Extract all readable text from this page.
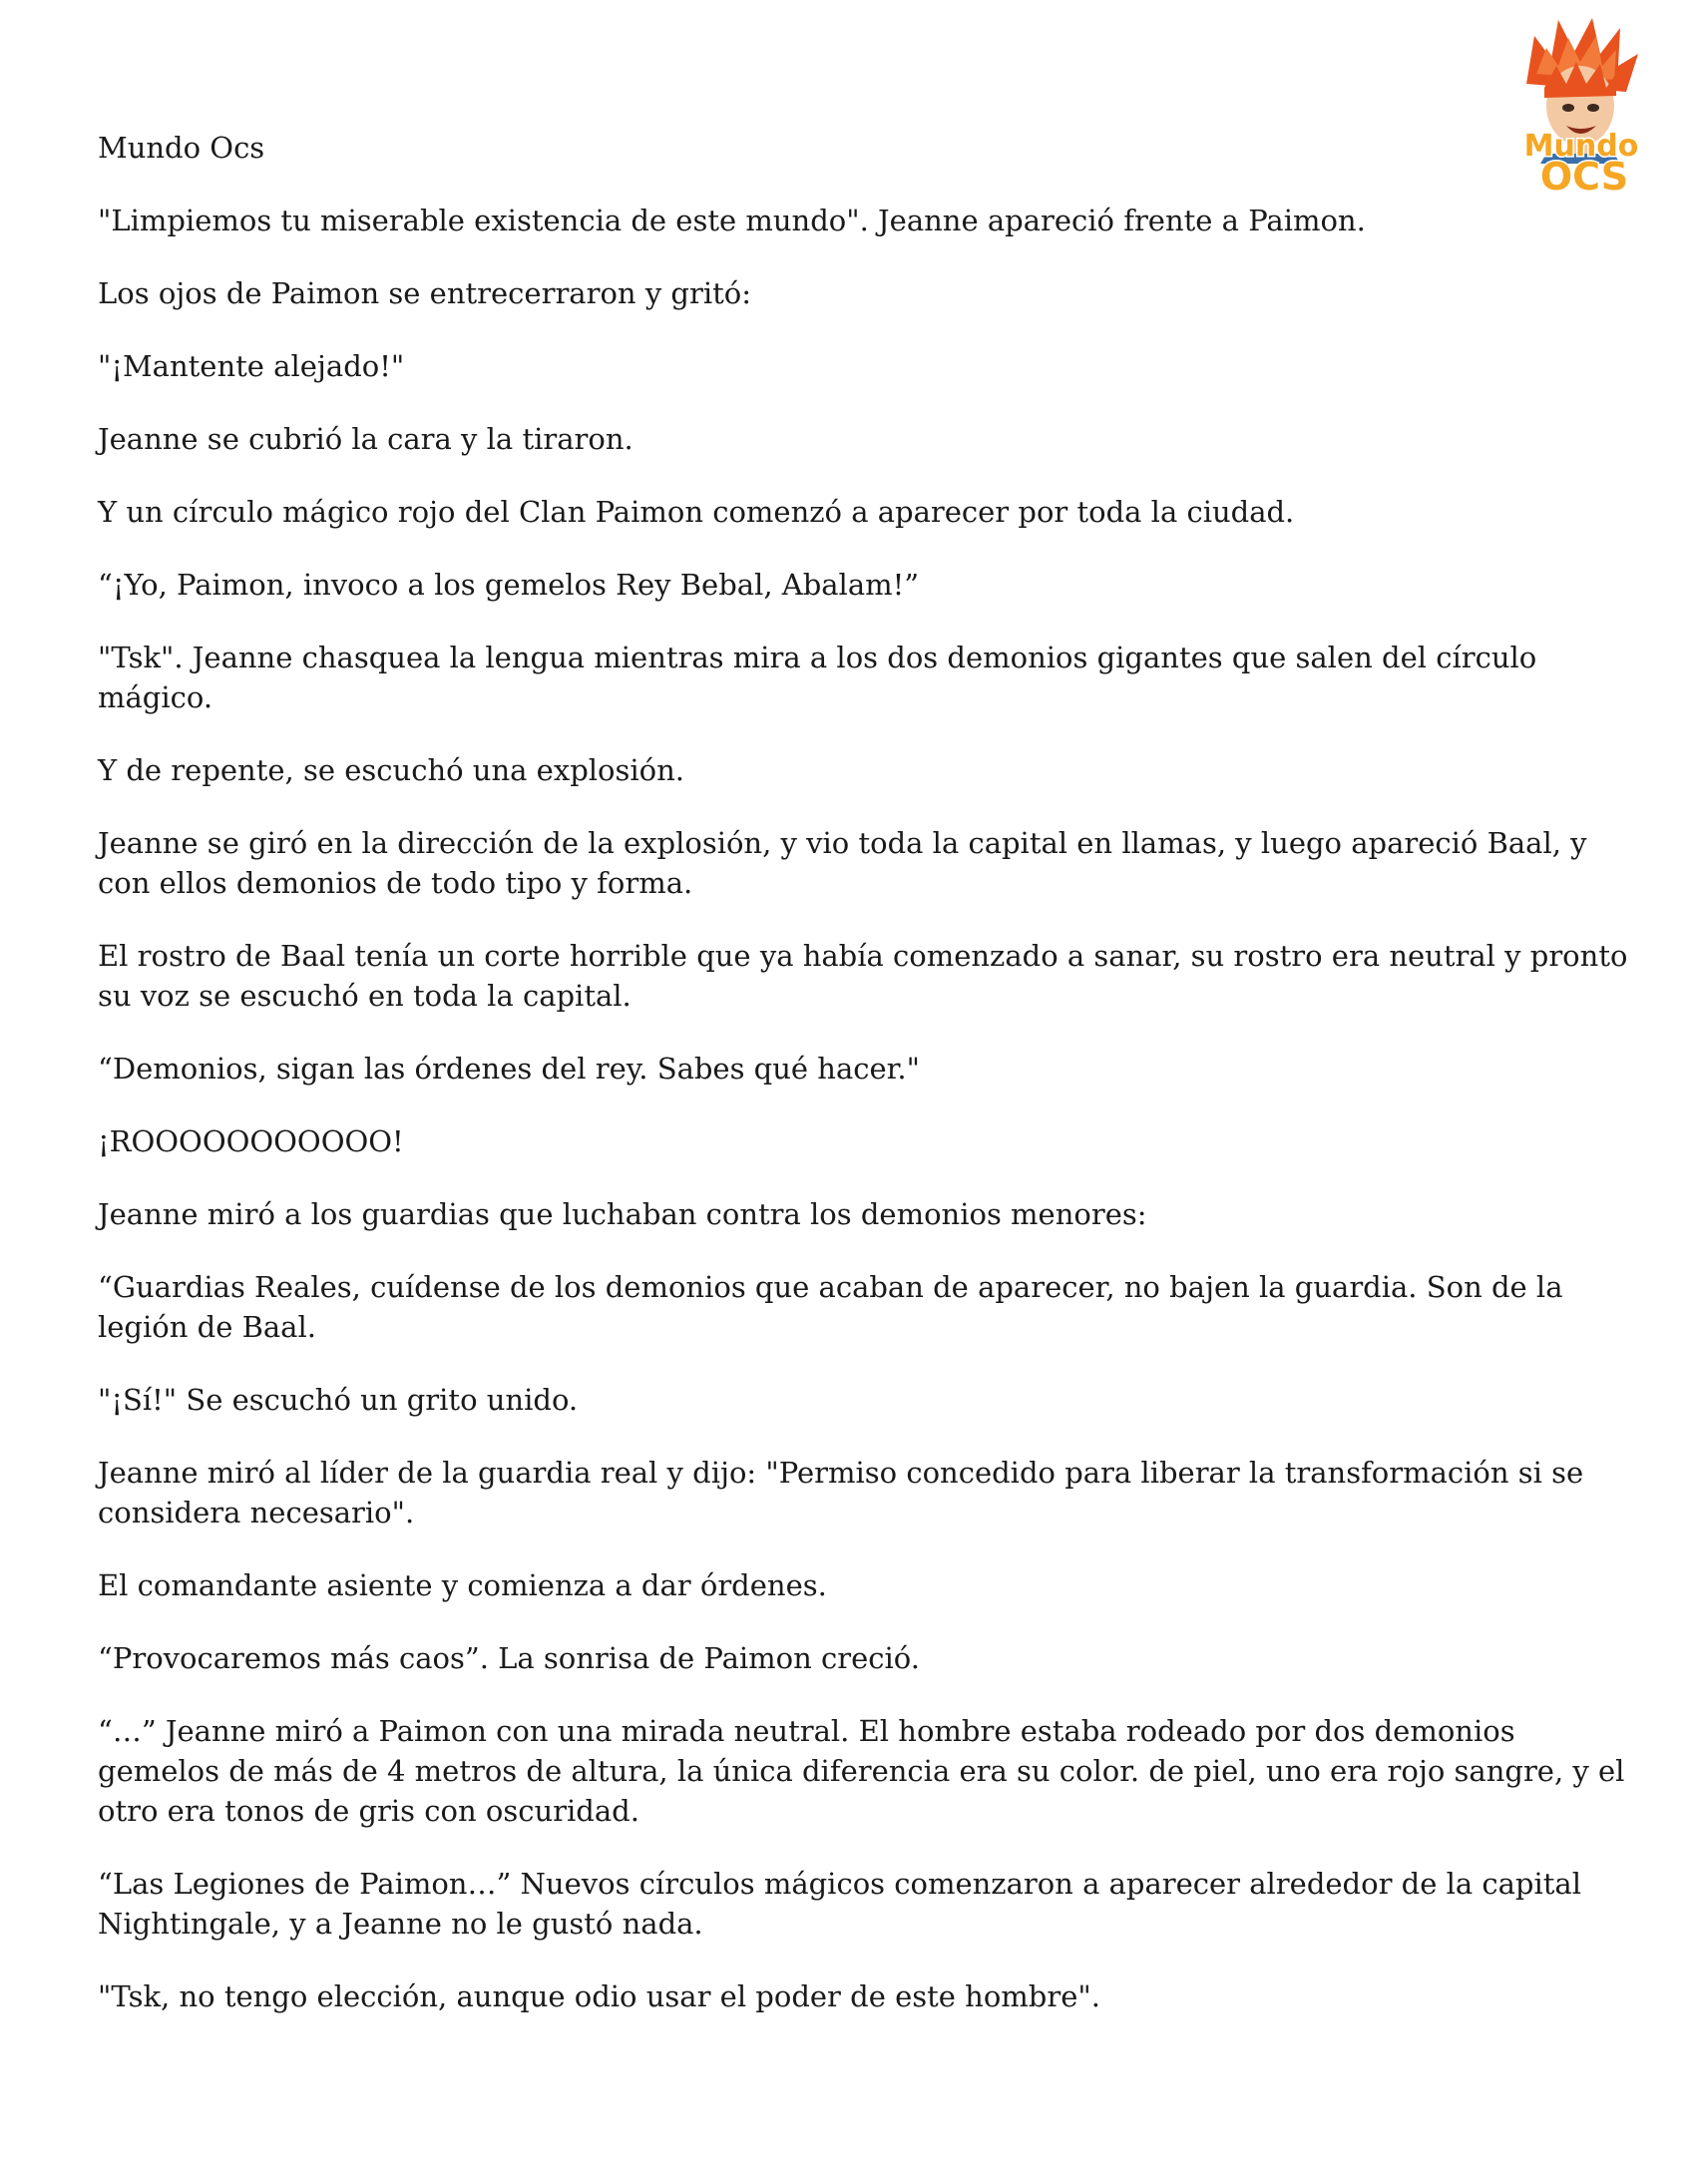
Mundo
OCS

Mundo Ocs

"Limpiemos tu miserable existencia de este mundo". Jeanne apareció frente a Paimon.

Los ojos de Paimon se entrecerraron y gritó:

"¡Mantente alejado!"

Jeanne se cubrió la cara y la tiraron.

Y un círculo mágico rojo del Clan Paimon comenzó a aparecer por toda la ciudad.

“¡Yo, Paimon, invoco a los gemelos Rey Bebal, Abalam!”

"Tsk". Jeanne chasquea la lengua mientras mira a los dos demonios gigantes que salen del círculo mágico.

Y de repente, se escuchó una explosión.

Jeanne se giró en la dirección de la explosión, y vio toda la capital en llamas, y luego apareció Baal, y con ellos demonios de todo tipo y forma.

El rostro de Baal tenía un corte horrible que ya había comenzado a sanar, su rostro era neutral y pronto su voz se escuchó en toda la capital.

“Demonios, sigan las órdenes del rey. Sabes qué hacer."

¡ROOOOOOOOOOO!

Jeanne miró a los guardias que luchaban contra los demonios menores:

“Guardias Reales, cuídense de los demonios que acaban de aparecer, no bajen la guardia. Son de la legión de Baal.

"¡Sí!" Se escuchó un grito unido.

Jeanne miró al líder de la guardia real y dijo: "Permiso concedido para liberar la transformación si se considera necesario".

El comandante asiente y comienza a dar órdenes.

“Provocaremos más caos”. La sonrisa de Paimon creció.

“…” Jeanne miró a Paimon con una mirada neutral. El hombre estaba rodeado por dos demonios gemelos de más de 4 metros de altura, la única diferencia era su color. de piel, uno era rojo sangre, y el otro era tonos de gris con oscuridad.

“Las Legiones de Paimon…” Nuevos círculos mágicos comenzaron a aparecer alrededor de la capital Nightingale, y a Jeanne no le gustó nada.

"Tsk, no tengo elección, aunque odio usar el poder de este hombre".
